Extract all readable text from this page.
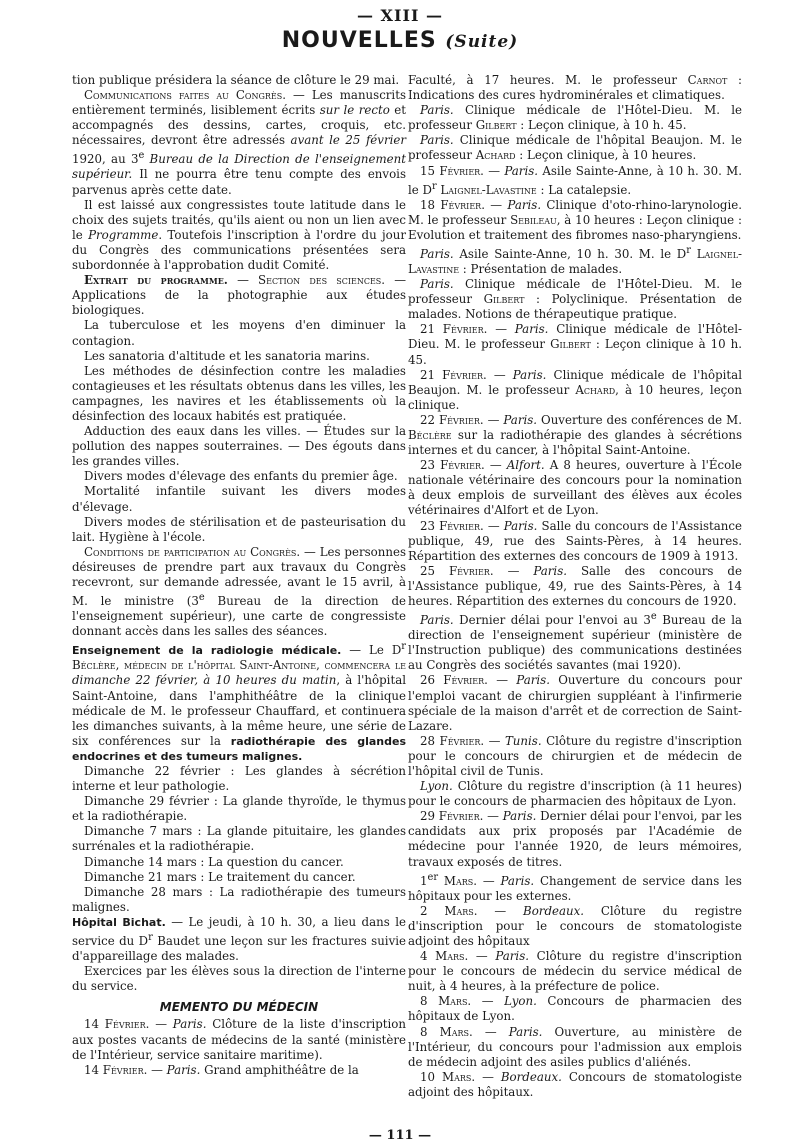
— XIII —
NOUVELLES (Suite)

tion publique présidera la séance de clôture le 29 mai.

Communications faites au Congrès. — Les manuscrits entièrement terminés, lisiblement écrits sur le recto et accompagnés des dessins, cartes, croquis, etc. nécessaires, devront être adressés avant le 25 février 1920, au 3e Bureau de la Direction de l'enseignement supérieur. Il ne pourra être tenu compte des envois parvenus après cette date.

Il est laissé aux congressistes toute latitude dans le choix des sujets traités, qu'ils aient ou non un lien avec le Programme. Toutefois l'inscription à l'ordre du jour du Congrès des communications présentées sera subordonnée à l'approbation dudit Comité.

Extrait du programme. — Section des sciences. — Applications de la photographie aux études biologiques.

La tuberculose et les moyens d'en diminuer la contagion.

Les sanatoria d'altitude et les sanatoria marins.

Les méthodes de désinfection contre les maladies contagieuses et les résultats obtenus dans les villes, les campagnes, les navires et les établissements où la désinfection des locaux habités est pratiquée.

Adduction des eaux dans les villes. — Études sur la pollution des nappes souterraines. — Des égouts dans les grandes villes.

Divers modes d'élevage des enfants du premier âge.

Mortalité infantile suivant les divers modes d'élevage.

Divers modes de stérilisation et de pasteurisation du lait. Hygiène à l'école.

Conditions de participation au Congrès. — Les personnes désireuses de prendre part aux travaux du Congrès recevront, sur demande adressée, avant le 15 avril, à M. le ministre (3e Bureau de la direction de l'enseignement supérieur), une carte de congressiste donnant accès dans les salles des séances.

Enseignement de la radiologie médicale. — Le $D^r$ Béclère, médecin de l'hôpital Saint-Antoine, commencera le dimanche 22 février, à 10 heures du matin, à l'hôpital Saint-Antoine, dans l'amphithéâtre de la clinique médicale de M. le professeur Chauffard, et continuera les dimanches suivants, à la même heure, une série de six conférences sur la radiothérapie des glandes endocrines et des tumeurs malignes.

Dimanche 22 février : Les glandes à sécrétion interne et leur pathologie.

Dimanche 29 février : La glande thyroïde, le thymus et la radiothérapie.

Dimanche 7 mars : La glande pituitaire, les glandes surrénales et la radiothérapie.

Dimanche 14 mars : La question du cancer.

Dimanche 21 mars : Le traitement du cancer.

Dimanche 28 mars : La radiothérapie des tumeurs malignes.

Hôpital Bichat. — Le jeudi, à 10 h. 30, a lieu dans le service du $D^r$ Baudet une leçon sur les fractures suivie d'appareillage des malades.

Exercices par les élèves sous la direction de l'interne du service.

MEMENTO DU MÉDECIN

14 Février. — Paris. Clôture de la liste d'inscription aux postes vacants de médecins de la santé (ministère de l'Intérieur, service sanitaire maritime).

14 Février. — Paris. Grand amphithéâtre de la

Faculté, à 17 heures. M. le professeur Carnot : Indications des cures hydrominérales et climatiques.

Paris. Clinique médicale de l'Hôtel-Dieu. M. le professeur Gilbert : Leçon clinique, à 10 h. 45.

Paris. Clinique médicale de l'hôpital Beaujon. M. le professeur Achard : Leçon clinique, à 10 heures.

15 Février. — Paris. Asile Sainte-Anne, à 10 h. 30. M. le $D^r$ Laignel-Lavastine : La catalepsie.

18 Février. — Paris. Clinique d'oto-rhino-larynologie. M. le professeur Sebileau, à 10 heures : Leçon clinique : Evolution et traitement des fibromes naso-pharyngiens.

Paris. Asile Sainte-Anne, 10 h. 30. M. le $D^r$ Laignel-Lavastine : Présentation de malades.

Paris. Clinique médicale de l'Hôtel-Dieu. M. le professeur Gilbert : Polyclinique. Présentation de malades. Notions de thérapeutique pratique.

21 Février. — Paris. Clinique médicale de l'Hôtel-Dieu. M. le professeur Gilbert : Leçon clinique à 10 h. 45.

21 Février. — Paris. Clinique médicale de l'hôpital Beaujon. M. le professeur Achard, à 10 heures, leçon clinique.

22 Février. — Paris. Ouverture des conférences de M. Béclère sur la radiothérapie des glandes à sécrétions internes et du cancer, à l'hôpital Saint-Antoine.

23 Février. — Alfort. A 8 heures, ouverture à l'École nationale vétérinaire des concours pour la nomination à deux emplois de surveillant des élèves aux écoles vétérinaires d'Alfort et de Lyon.

23 Février. — Paris. Salle du concours de l'Assistance publique, 49, rue des Saints-Pères, à 14 heures. Répartition des externes des concours de 1909 à 1913.

25 Février. — Paris. Salle des concours de l'Assistance publique, 49, rue des Saints-Pères, à 14 heures. Répartition des externes du concours de 1920.

Paris. Dernier délai pour l'envoi au 3e Bureau de la direction de l'enseignement supérieur (ministère de l'Instruction publique) des communications destinées au Congrès des sociétés savantes (mai 1920).

26 Février. — Paris. Ouverture du concours pour l'emploi vacant de chirurgien suppléant à l'infirmerie spéciale de la maison d'arrêt et de correction de Saint-Lazare.

28 Février. — Tunis. Clôture du registre d'inscription pour le concours de chirurgien et de médecin de l'hôpital civil de Tunis.

Lyon. Clôture du registre d'inscription (à 11 heures) pour le concours de pharmacien des hôpitaux de Lyon.

29 Février. — Paris. Dernier délai pour l'envoi, par les candidats aux prix proposés par l'Académie de médecine pour l'année 1920, de leurs mémoires, travaux exposés de titres.

1er Mars. — Paris. Changement de service dans les hôpitaux pour les externes.

2 Mars. — Bordeaux. Clôture du registre d'inscription pour le concours de stomatologiste adjoint des hôpitaux

4 Mars. — Paris. Clôture du registre d'inscription pour le concours de médecin du service médical de nuit, à 4 heures, à la préfecture de police.

8 Mars. — Lyon. Concours de pharmacien des hôpitaux de Lyon.

8 Mars. — Paris. Ouverture, au ministère de l'Intérieur, du concours pour l'admission aux emplois de médecin adjoint des asiles publics d'aliénés.

10 Mars. — Bordeaux. Concours de stomatologiste adjoint des hôpitaux.

— 111 —
